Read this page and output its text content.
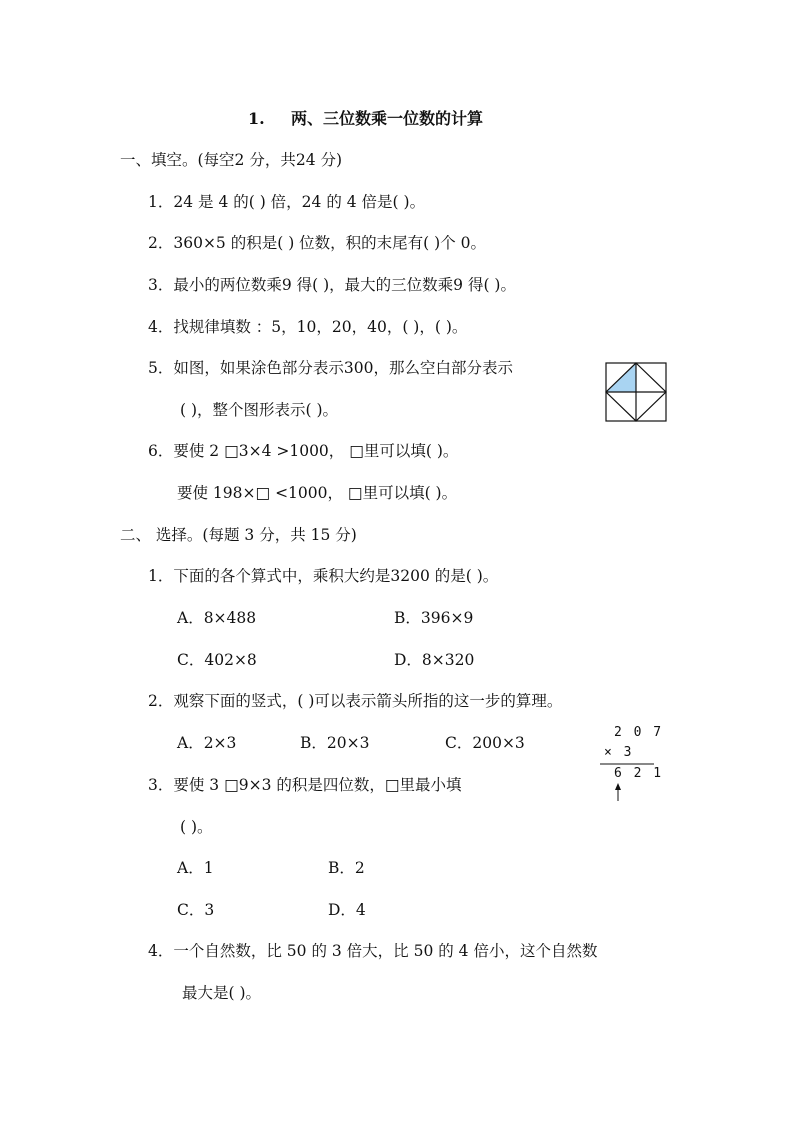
1. 两、三位数乘一位数的计算
一、填空。(每空2 分，共24 分)
1．24 是 4 的( ) 倍，24 的 4 倍是( )。
2．360×5 的积是( ) 位数，积的末尾有( )个 0。
3．最小的两位数乘9 得( )，最大的三位数乘9 得( )。
4．找规律填数 ：5，10，20，40，( )，( )。
5．如图，如果涂色部分表示300，那么空白部分表示
( )，整个图形表示( )。
6．要使 2 □3×4 >1000， □里可以填( )。
要使 198×□ <1000， □里可以填( )。
二、 选择。(每题 3 分，共 15 分)
1．下面的各个算式中，乘积大约是3200 的是( )。
A．8×488	B．396×9
C．402×8	D．8×320
2．观察下面的竖式，( )可以表示箭头所指的这一步的算理。
A．2×3	B．20×3	C．200×3
2 0 7
× 3
6 2 1
3．要使 3 □9×3 的积是四位数，□里最小填
( )。
A．1	B．2
C．3	D．4
4．一个自然数，比 50 的 3 倍大，比 50 的 4 倍小，这个自然数
最大是( )。
